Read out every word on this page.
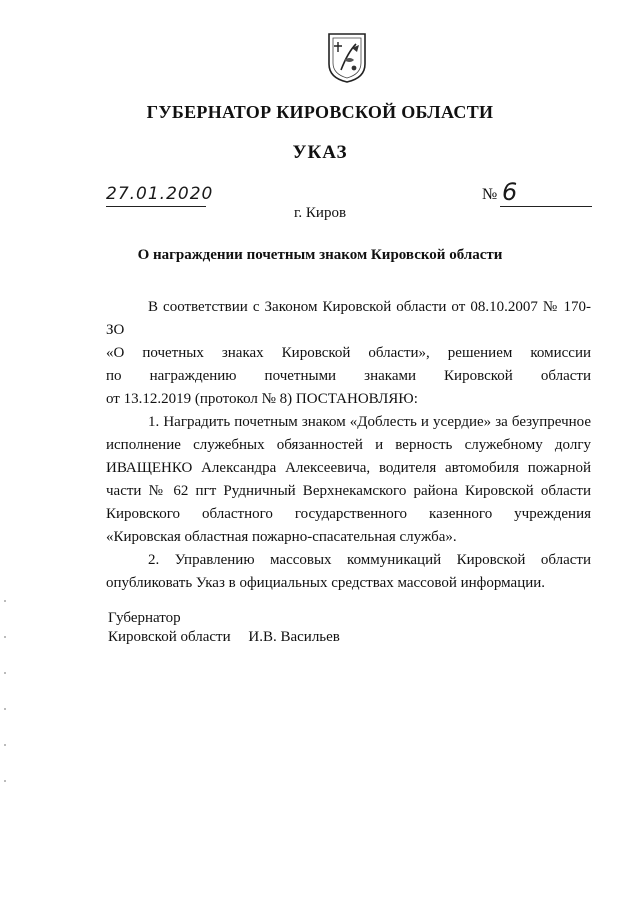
ГУБЕРНАТОР КИРОВСКОЙ ОБЛАСТИ
УКАЗ
27.01.2020	№ 6
г. Киров
О награждении почетным знаком Кировской области

В соответствии с Законом Кировской области от 08.10.2007 № 170-ЗО

«О почетных знаках Кировской области», решением комиссии

по награждению почетными знаками Кировской области

от 13.12.2019 (протокол № 8) ПОСТАНОВЛЯЮ:

1. Наградить почетным знаком «Доблесть и усердие» за безупречное исполнение служебных обязанностей и верность служебному долгу ИВАЩЕНКО Александра Алексеевича, водителя автомобиля пожарной части № 62 пгт Рудничный Верхнекамского района Кировской области Кировского областного государственного казенного учреждения «Кировская областная пожарно-спасательная служба».

2. Управлению массовых коммуникаций Кировской области опубликовать Указ в официальных средствах массовой информации.

Губернатор
Кировской области И.В. Васильев
